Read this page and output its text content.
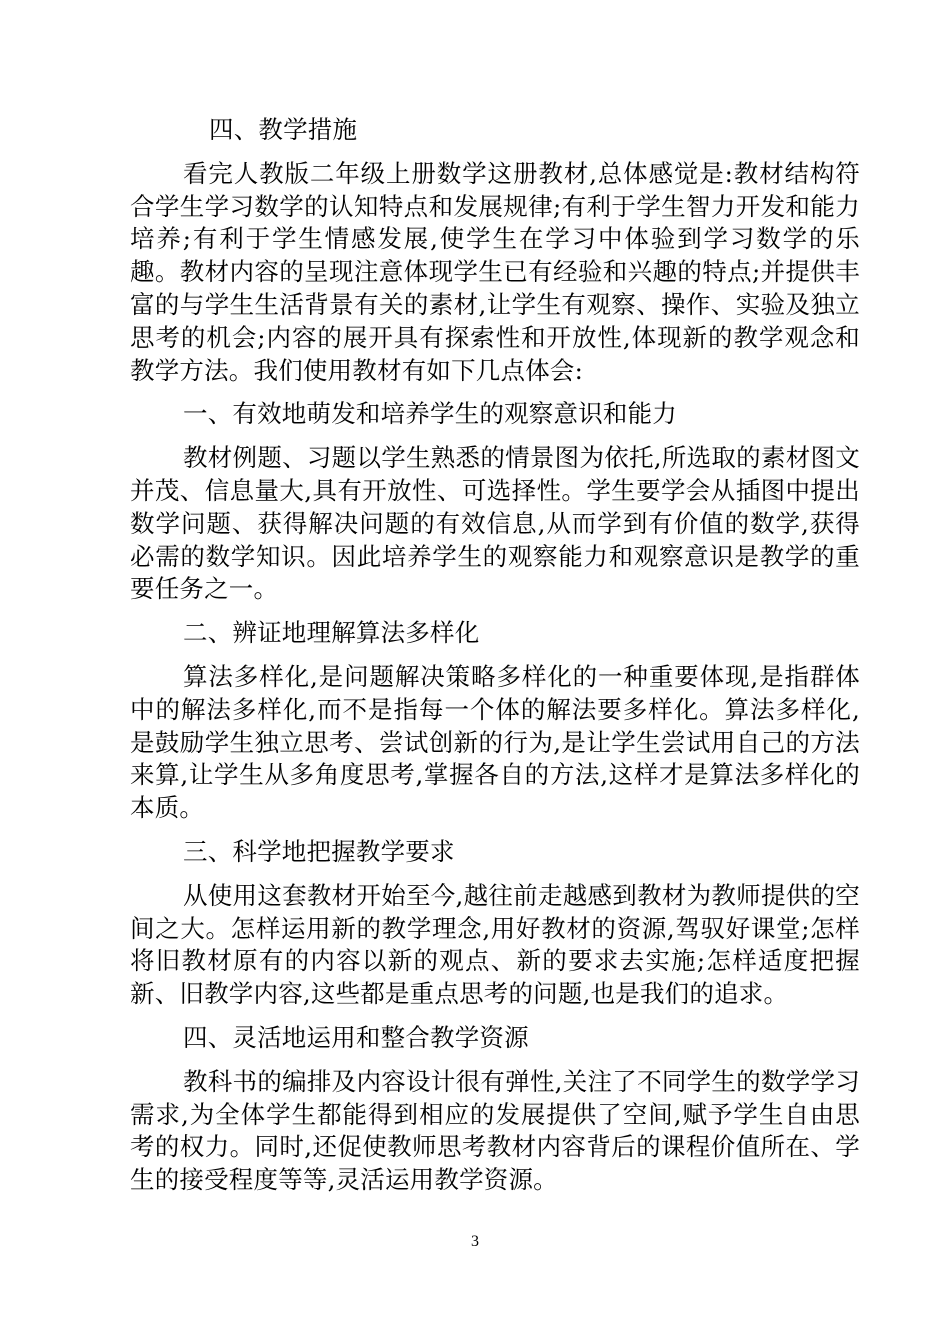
四、教学措施

看完人教版二年级上册数学这册教材,总体感觉是:教材结构符合学生学习数学的认知特点和发展规律;有利于学生智力开发和能力培养;有利于学生情感发展,使学生在学习中体验到学习数学的乐趣。教材内容的呈现注意体现学生已有经验和兴趣的特点;并提供丰富的与学生生活背景有关的素材,让学生有观察、操作、实验及独立思考的机会;内容的展开具有探索性和开放性,体现新的教学观念和教学方法。我们使用教材有如下几点体会:

一、有效地萌发和培养学生的观察意识和能力

教材例题、习题以学生熟悉的情景图为依托,所选取的素材图文并茂、信息量大,具有开放性、可选择性。学生要学会从插图中提出数学问题、获得解决问题的有效信息,从而学到有价值的数学,获得必需的数学知识。因此培养学生的观察能力和观察意识是教学的重要任务之一。

二、辨证地理解算法多样化

算法多样化,是问题解决策略多样化的一种重要体现,是指群体中的解法多样化,而不是指每一个体的解法要多样化。算法多样化,是鼓励学生独立思考、尝试创新的行为,是让学生尝试用自己的方法来算,让学生从多角度思考,掌握各自的方法,这样才是算法多样化的本质。

三、科学地把握教学要求

从使用这套教材开始至今,越往前走越感到教材为教师提供的空间之大。怎样运用新的教学理念,用好教材的资源,驾驭好课堂;怎样将旧教材原有的内容以新的观点、新的要求去实施;怎样适度把握新、旧教学内容,这些都是重点思考的问题,也是我们的追求。

四、灵活地运用和整合教学资源

教科书的编排及内容设计很有弹性,关注了不同学生的数学学习需求,为全体学生都能得到相应的发展提供了空间,赋予学生自由思考的权力。同时,还促使教师思考教材内容背后的课程价值所在、学生的接受程度等等,灵活运用教学资源。

3
